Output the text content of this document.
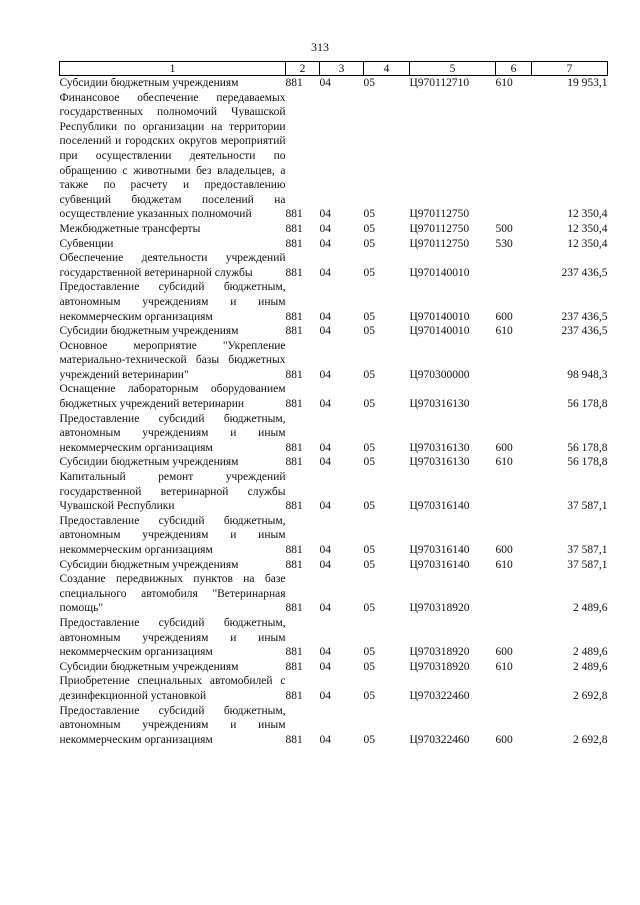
313
1	2	3	4	5	6	7
Субсидии бюджетным учреждениям	881	04	05	Ц970112710	610	19 953,1
Финансовое обеспечение передаваемых государственных полномочий Чувашской Республики по организации на территории поселений и городских округов мероприятий при осуществлении деятельности по обращению с животными без владельцев, а также по расчету и предоставлению субвенций бюджетам поселений на осуществление указанных полномочий	881	04	05	Ц970112750		12 350,4
Межбюджетные трансферты	881	04	05	Ц970112750	500	12 350,4
Субвенции	881	04	05	Ц970112750	530	12 350,4
Обеспечение деятельности учреждений государственной ветеринарной службы	881	04	05	Ц970140010		237 436,5
Предоставление субсидий бюджетным, автономным учреждениям и иным некоммерческим организациям	881	04	05	Ц970140010	600	237 436,5
Субсидии бюджетным учреждениям	881	04	05	Ц970140010	610	237 436,5
Основное мероприятие "Укрепление материально-технической базы бюджетных учреждений ветеринарии"	881	04	05	Ц970300000		98 948,3
Оснащение лабораторным оборудованием бюджетных учреждений ветеринарии	881	04	05	Ц970316130		56 178,8
Предоставление субсидий бюджетным, автономным учреждениям и иным некоммерческим организациям	881	04	05	Ц970316130	600	56 178,8
Субсидии бюджетным учреждениям	881	04	05	Ц970316130	610	56 178,8
Капитальный ремонт учреждений государственной ветеринарной службы Чувашской Республики	881	04	05	Ц970316140		37 587,1
Предоставление субсидий бюджетным, автономным учреждениям и иным некоммерческим организациям	881	04	05	Ц970316140	600	37 587,1
Субсидии бюджетным учреждениям	881	04	05	Ц970316140	610	37 587,1
Создание передвижных пунктов на базе специального автомобиля "Ветеринарная помощь"	881	04	05	Ц970318920		2 489,6
Предоставление субсидий бюджетным, автономным учреждениям и иным некоммерческим организациям	881	04	05	Ц970318920	600	2 489,6
Субсидии бюджетным учреждениям	881	04	05	Ц970318920	610	2 489,6
Приобретение специальных автомобилей с дезинфекционной установкой	881	04	05	Ц970322460		2 692,8
Предоставление субсидий бюджетным, автономным учреждениям и иным некоммерческим организациям	881	04	05	Ц970322460	600	2 692,8
